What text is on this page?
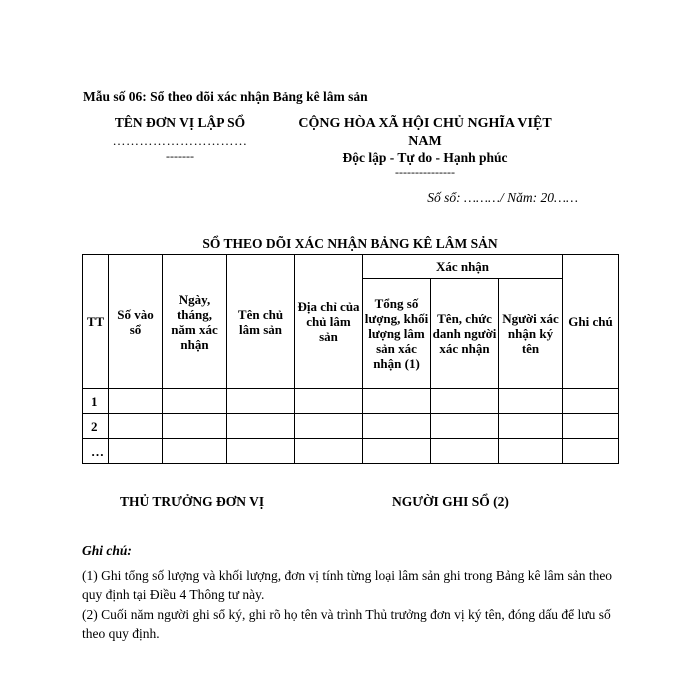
Mẫu số 06: Sổ theo dõi xác nhận Bảng kê lâm sản
TÊN ĐƠN VỊ LẬP SỔ
…………………………
-------
CỘNG HÒA XÃ HỘI CHỦ NGHĨA VIỆT NAM
Độc lập - Tự do - Hạnh phúc
---------------
Số sổ: ………/ Năm: 20……
SỔ THEO DÕI XÁC NHẬN BẢNG KÊ LÂM SẢN
TT	Số vào sổ	Ngày, tháng, năm xác nhận	Tên chủ lâm sản	Địa chỉ của chủ lâm sản	Xác nhận			Ghi chú
					Tổng số lượng, khối lượng lâm sản xác nhận (1)	Tên, chức danh người xác nhận	Người xác nhận ký tên	
1								
2								
…								
THỦ TRƯỞNG ĐƠN VỊ	NGƯỜI GHI SỔ (2)
Ghi chú:
(1) Ghi tổng số lượng và khối lượng, đơn vị tính từng loại lâm sản ghi trong Bảng kê lâm sản theo quy định tại Điều 4 Thông tư này.
(2) Cuối năm người ghi sổ ký, ghi rõ họ tên và trình Thủ trưởng đơn vị ký tên, đóng dấu để lưu sổ theo quy định.
